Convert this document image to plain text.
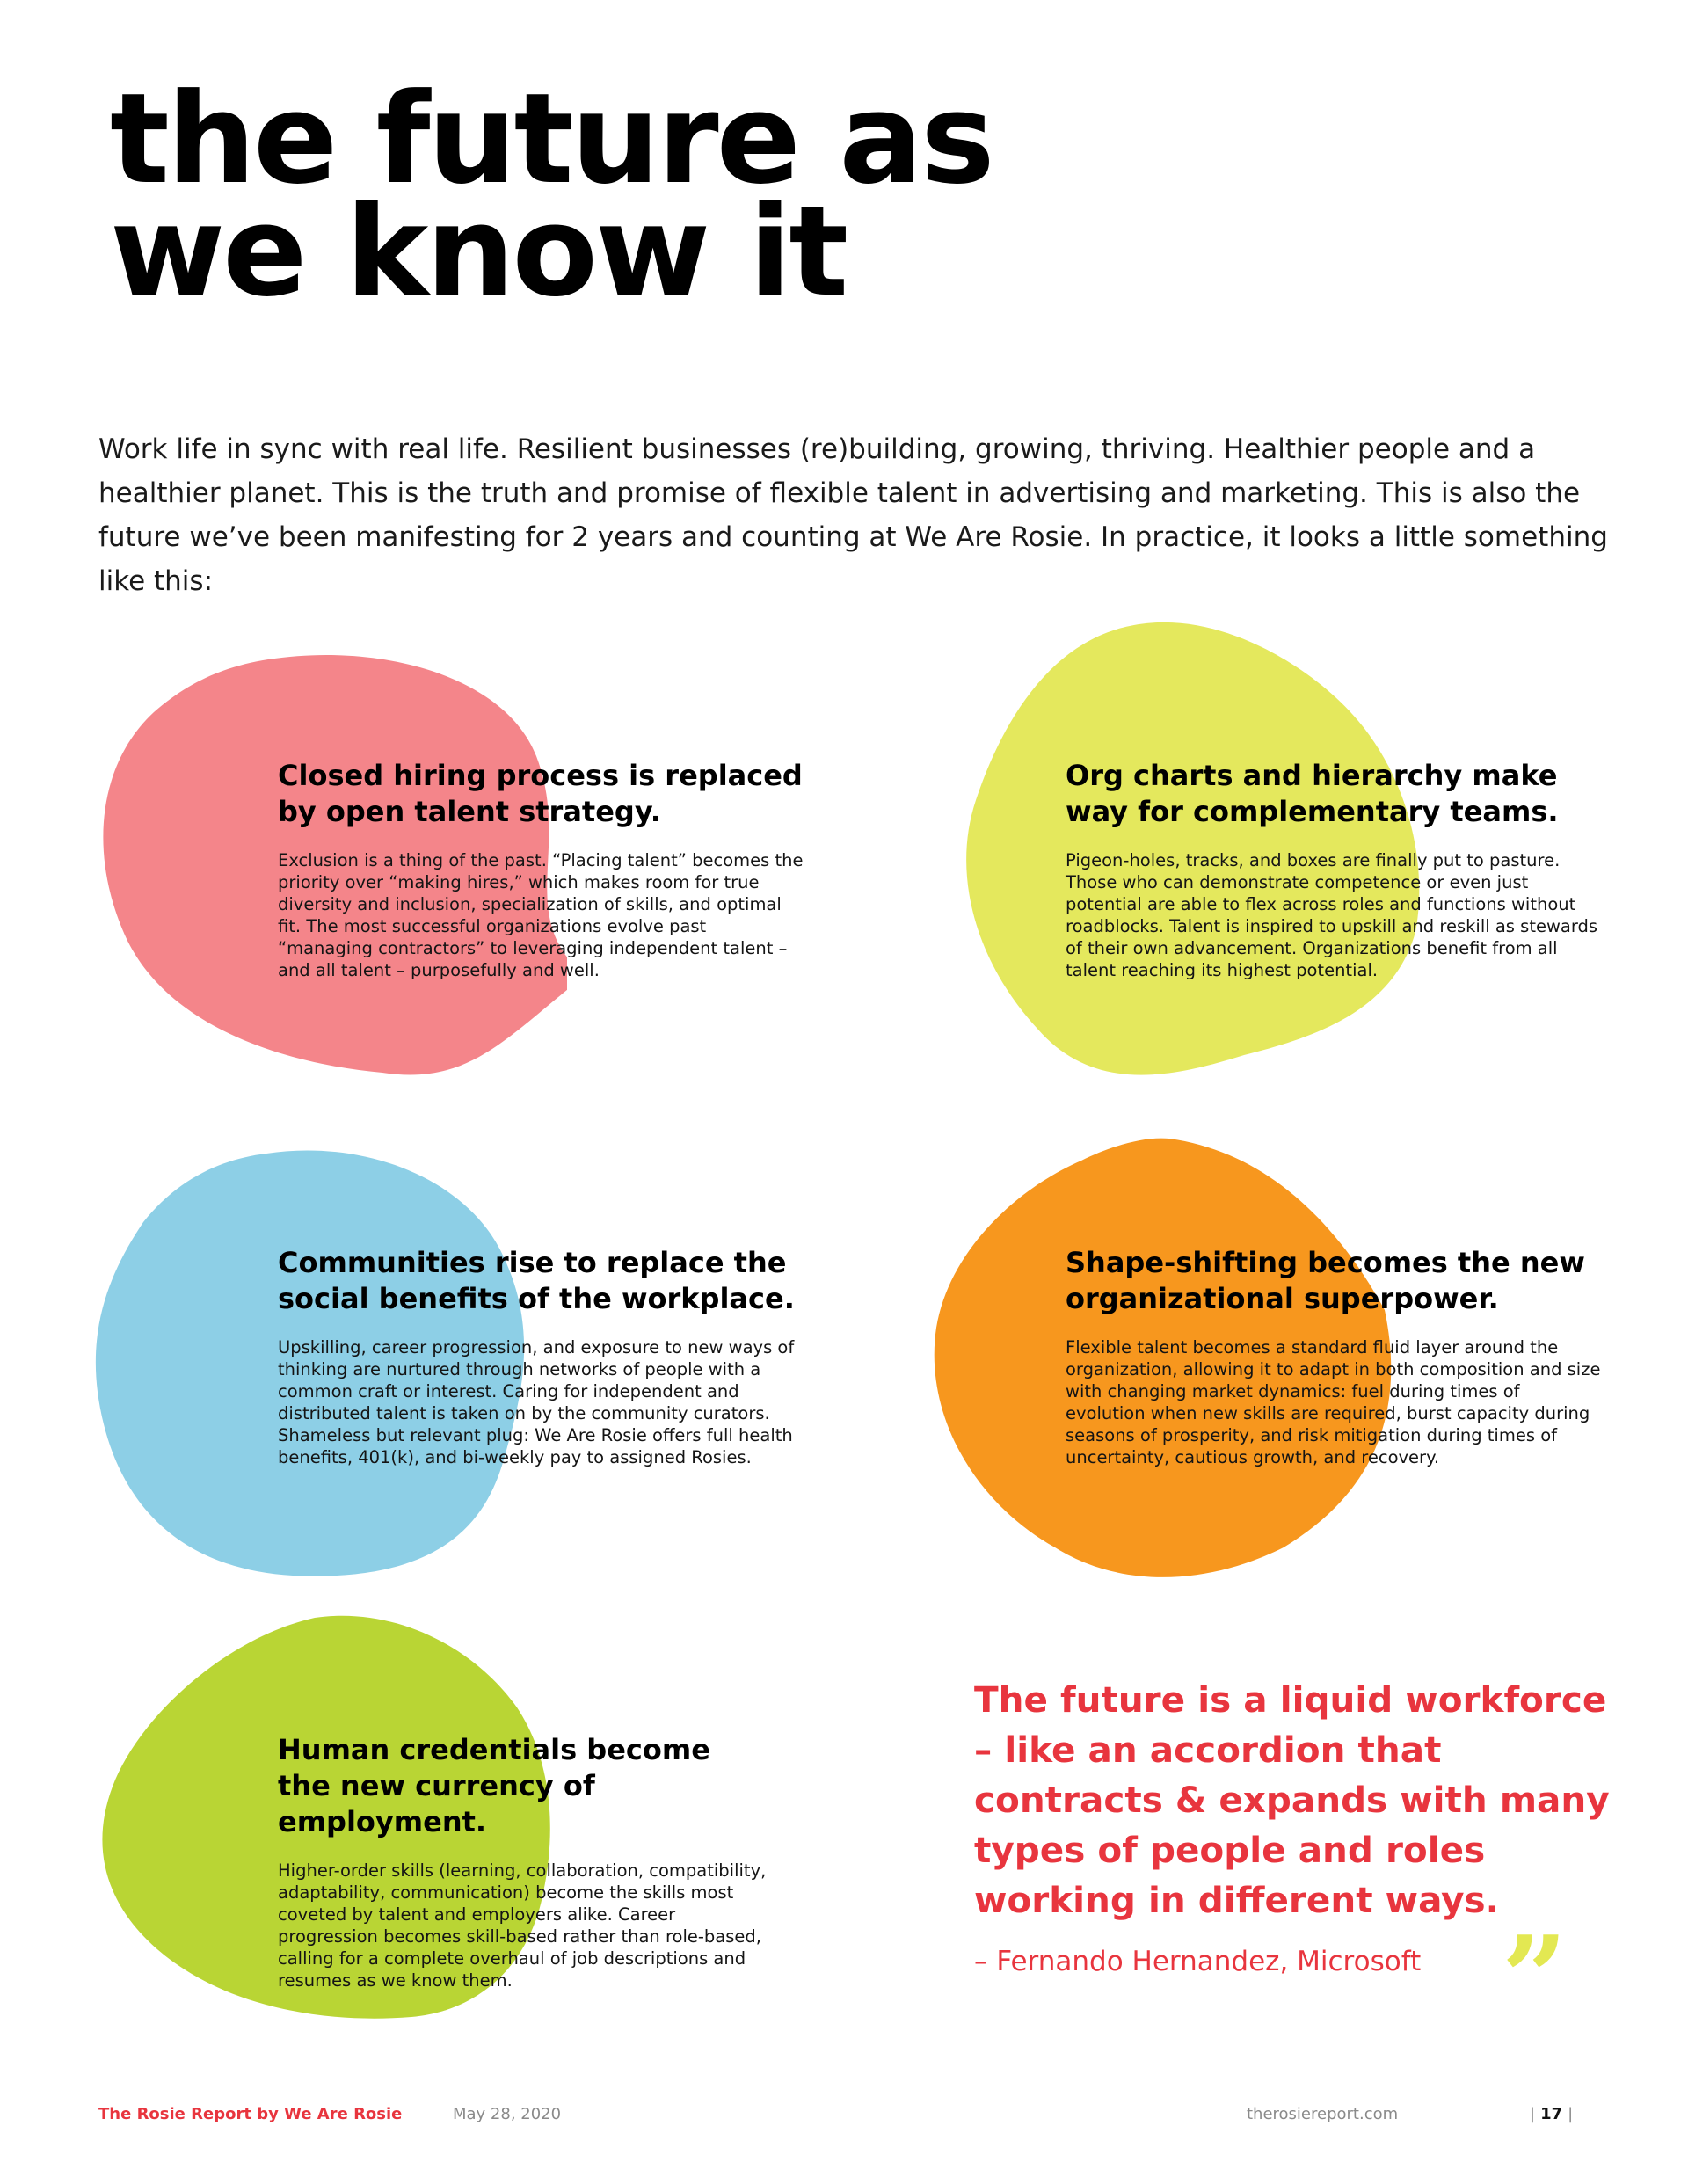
the future as
we know it

Work life in sync with real life. Resilient businesses (re)building, growing, thriving. Healthier people and a healthier planet. This is the truth and promise of flexible talent in advertising and marketing. This is also the future we’ve been manifesting for 2 years and counting at We Are Rosie. In practice, it looks a little something like this:

Closed hiring process is replaced by open talent strategy.

Exclusion is a thing of the past. “Placing talent” becomes the priority over “making hires,” which makes room for true diversity and inclusion, specialization of skills, and optimal fit. The most successful organizations evolve past “managing contractors” to leveraging independent talent – and all talent – purposefully and well.

Org charts and hierarchy make way for complementary teams.

Pigeon-holes, tracks, and boxes are finally put to pasture. Those who can demonstrate competence or even just potential are able to flex across roles and functions without roadblocks. Talent is inspired to upskill and reskill as stewards of their own advancement. Organizations benefit from all talent reaching its highest potential.

Communities rise to replace the social benefits of the workplace.

Upskilling, career progression, and exposure to new ways of thinking are nurtured through networks of people with a common craft or interest. Caring for independent and distributed talent is taken on by the community curators. Shameless but relevant plug: We Are Rosie offers full health benefits, 401(k), and bi-weekly pay to assigned Rosies.

Shape-shifting becomes the new organizational superpower.

Flexible talent becomes a standard fluid layer around the organization, allowing it to adapt in both composition and size with changing market dynamics: fuel during times of evolution when new skills are required, burst capacity during seasons of prosperity, and risk mitigation during times of uncertainty, cautious growth, and recovery.

Human credentials become the new currency of employment.

Higher-order skills (learning, collaboration, compatibility, adaptability, communication) become the skills most coveted by talent and employers alike. Career progression becomes skill-based rather than role-based, calling for a complete overhaul of job descriptions and resumes as we know them.

The future is a liquid workforce – like an accordion that contracts & expands with many types of people and roles working in different ways.

– Fernando Hernandez, Microsoft ”
The Rosie Report by We Are Rosie	May 28, 2020	therosiereport.com	| 17 |
